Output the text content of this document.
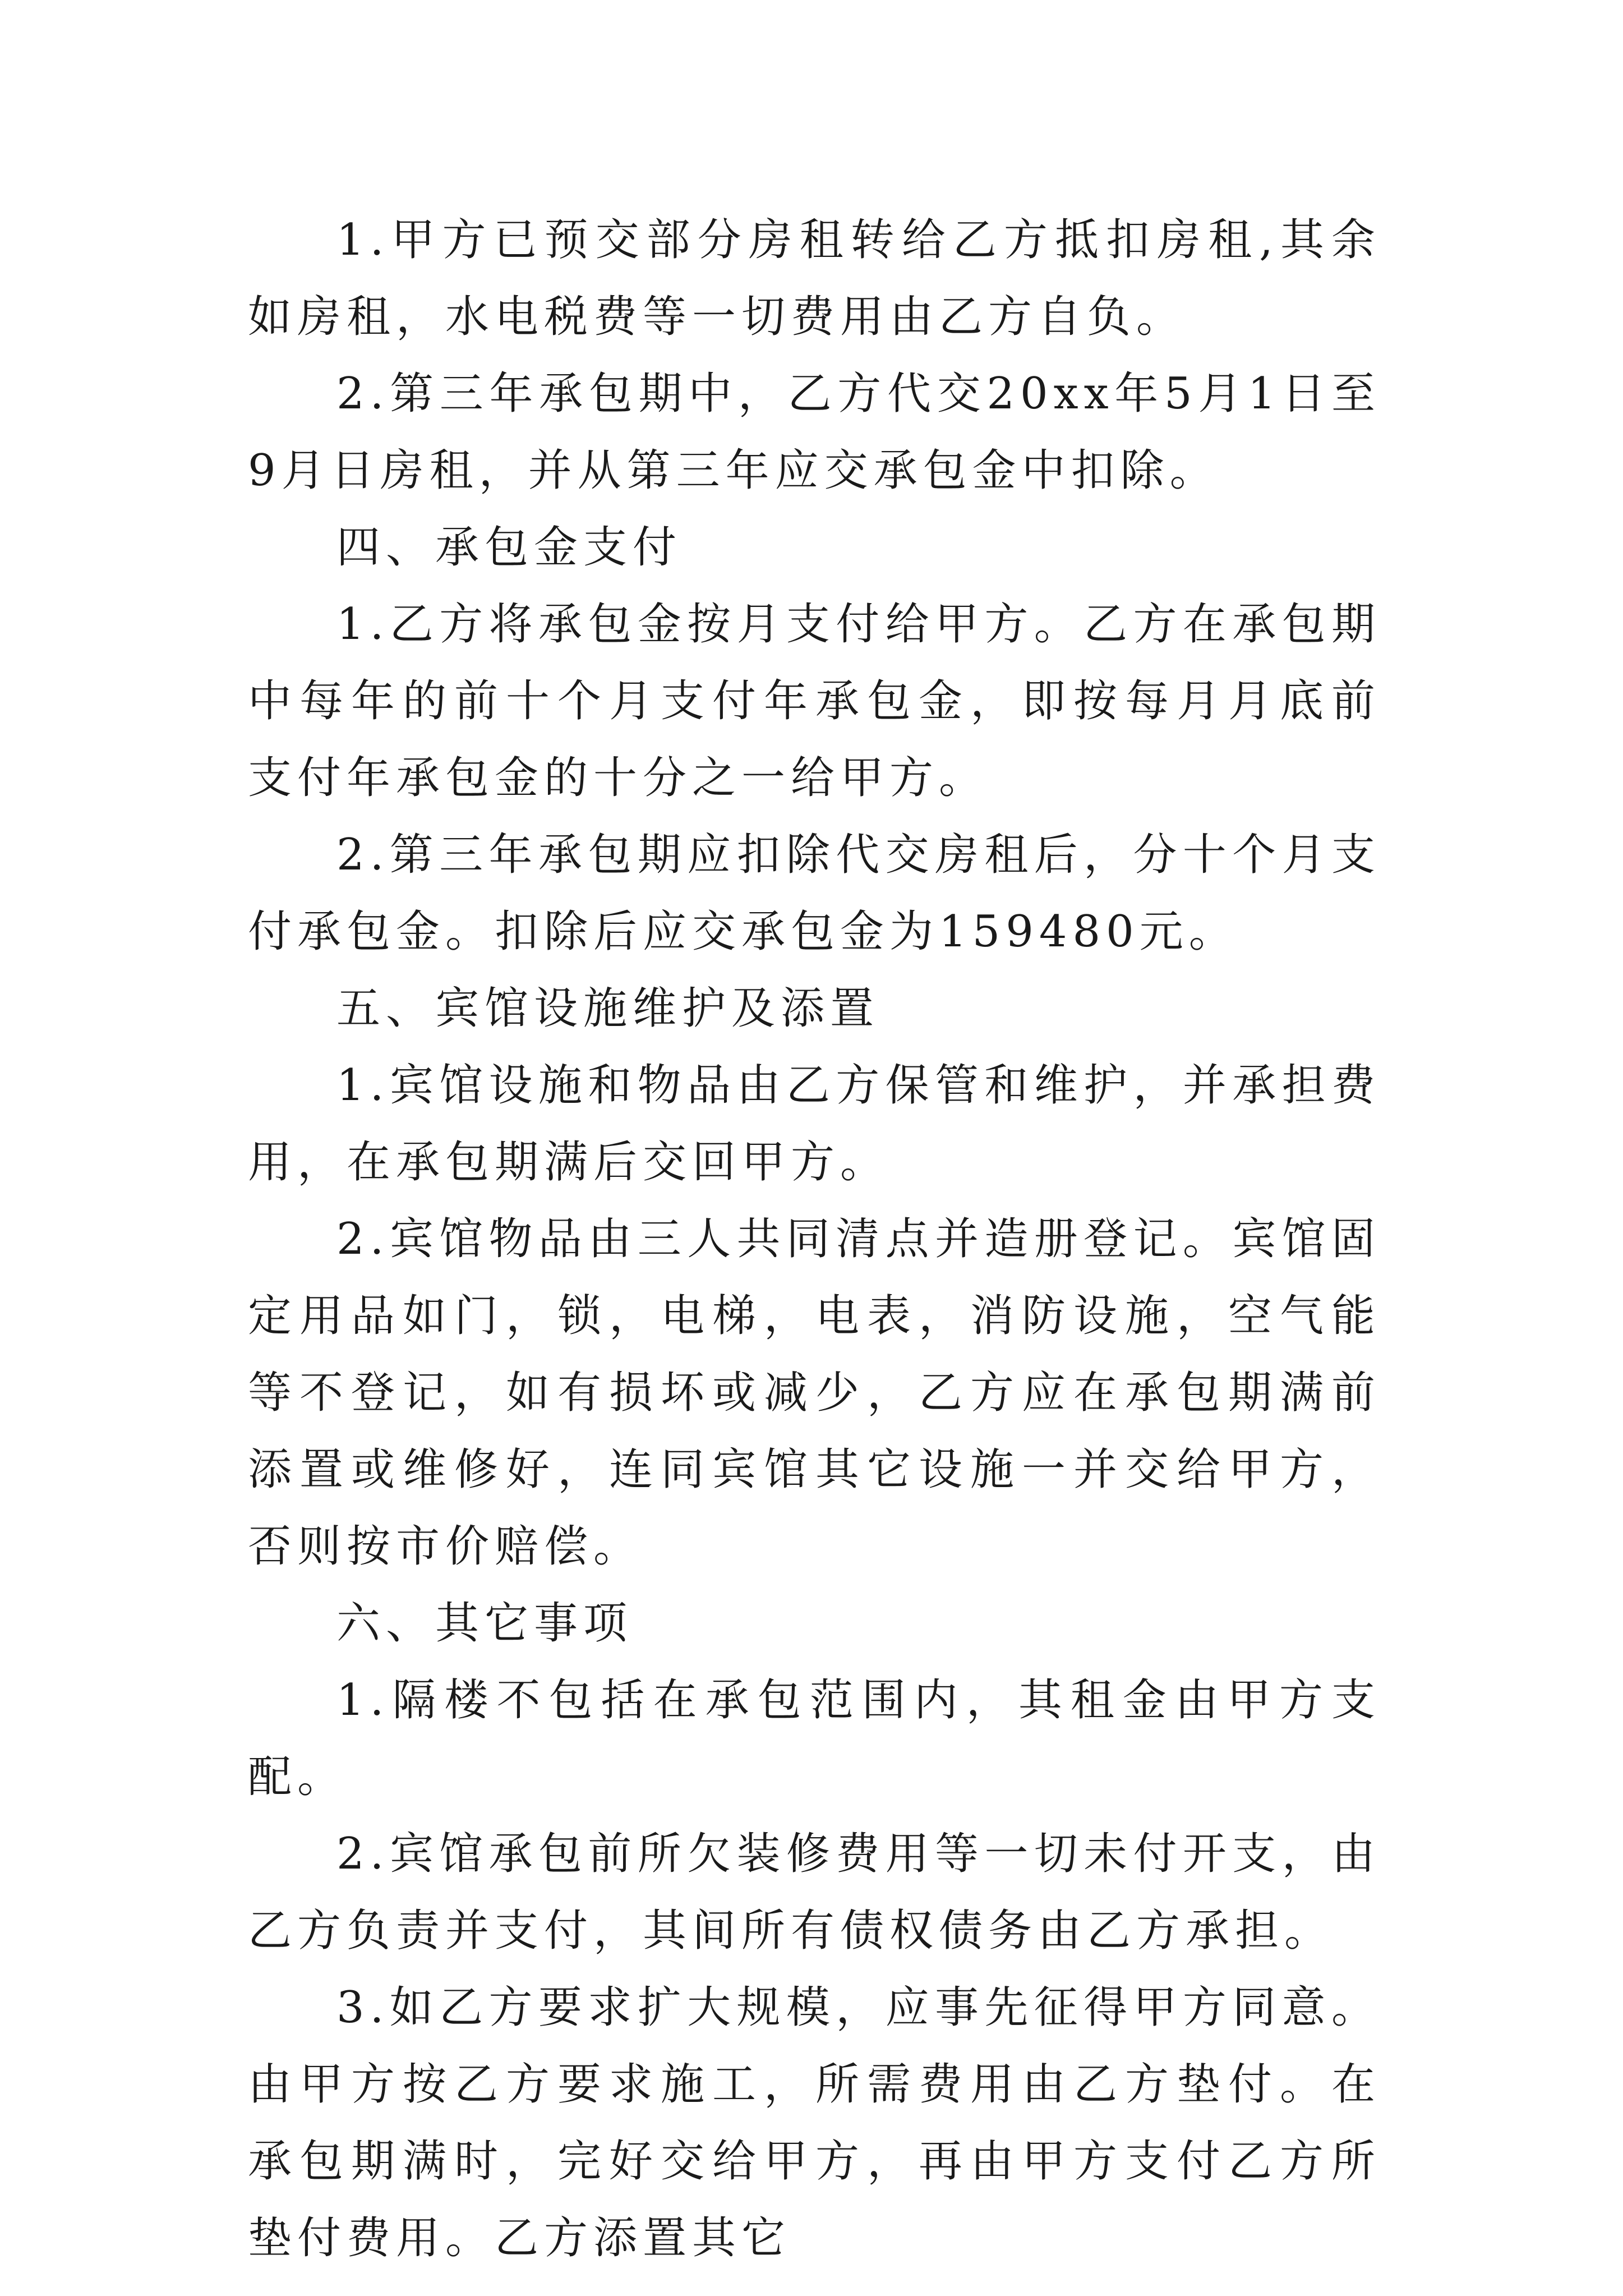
1.甲方已预交部分房租转给乙方抵扣房租,其余如房租，水电税费等一切费用由乙方自负。

2.第三年承包期中，乙方代交20xx年5月1日至9月日房租，并从第三年应交承包金中扣除。

四、承包金支付

1.乙方将承包金按月支付给甲方。乙方在承包期中每年的前十个月支付年承包金，即按每月月底前支付年承包金的十分之一给甲方。

2.第三年承包期应扣除代交房租后，分十个月支付承包金。扣除后应交承包金为159480元。

五、宾馆设施维护及添置

1.宾馆设施和物品由乙方保管和维护，并承担费用，在承包期满后交回甲方。

2.宾馆物品由三人共同清点并造册登记。宾馆固定用品如门，锁，电梯，电表，消防设施，空气能等不登记，如有损坏或减少，乙方应在承包期满前添置或维修好，连同宾馆其它设施一并交给甲方，否则按市价赔偿。

六、其它事项

1.隔楼不包括在承包范围内，其租金由甲方支配。

2.宾馆承包前所欠装修费用等一切未付开支，由乙方负责并支付，其间所有债权债务由乙方承担。

3.如乙方要求扩大规模，应事先征得甲方同意。由甲方按乙方要求施工，所需费用由乙方垫付。在承包期满时，完好交给甲方，再由甲方支付乙方所垫付费用。乙方添置其它
